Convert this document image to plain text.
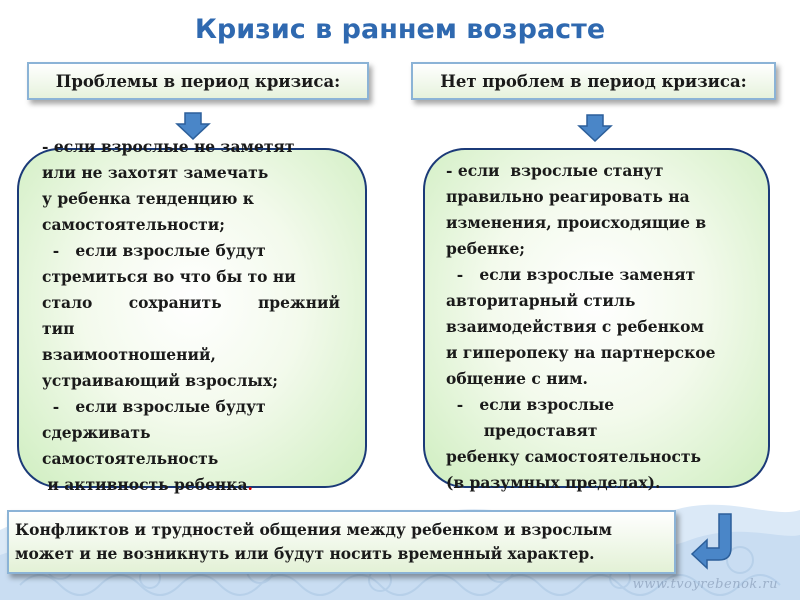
www.tvoyrebenok.ru
Кризис в раннем возрасте
Проблемы в период кризиса:	Нет проблем в период кризиса:
- если взрослые не заметят
или не захотят замечать
у ребенка тенденцию к
самостоятельности;
-   если взрослые будут
стремиться во что бы то ни
стало сохранить прежний
тип
взаимоотношений,
устраивающий взрослых;
-   если взрослые будут
сдерживать
самостоятельность
и активность ребенка.
- если  взрослые станут
правильно реагировать на
изменения, происходящие в
ребенке;
-   если взрослые заменят
авторитарный стиль
взаимодействия с ребенком
и гиперопеку на партнерское
общение с ним.
-   если взрослые
предоставят
ребенку самостоятельность
(в разумных пределах).
Конфликтов и трудностей общения между ребенком и взрослым
может и не возникнуть или будут носить временный характер.
